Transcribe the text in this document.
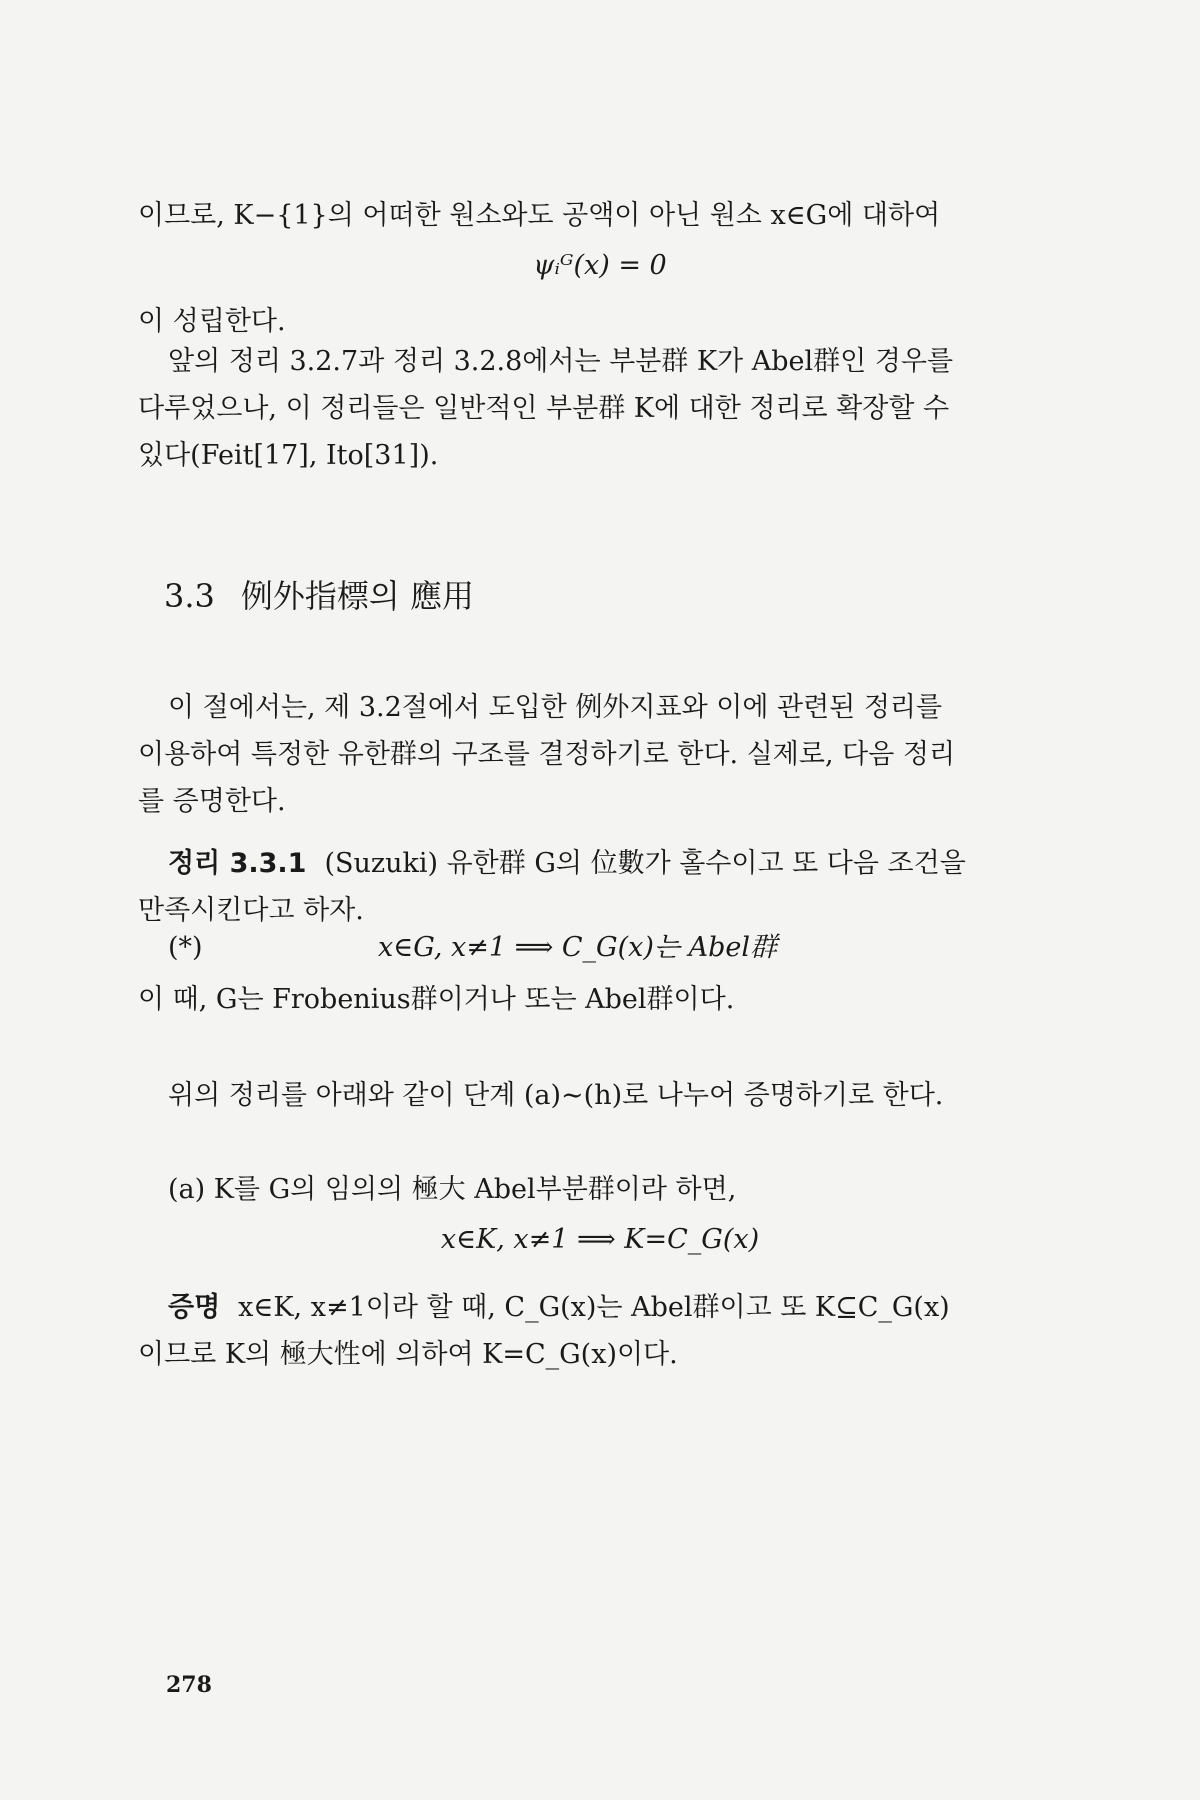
이므로, K−{1}의 어떠한 원소와도 공액이 아닌 원소 x∈G에 대하여

ψᵢᴳ(x) = 0

이 성립한다.

앞의 정리 3.2.7과 정리 3.2.8에서는 부분群 K가 Abel群인 경우를
다루었으나, 이 정리들은 일반적인 부분群 K에 대한 정리로 확장할 수
있다(Feit[17], Ito[31]).
3.3 例外指標의 應用
이 절에서는, 제 3.2절에서 도입한 例外지표와 이에 관련된 정리를
이용하여 특정한 유한群의 구조를 결정하기로 한다. 실제로, 다음 정리
를 증명한다.
정리 3.3.1 (Suzuki) 유한群 G의 位數가 홀수이고 또 다음 조건을
만족시킨다고 하자.

(*)	x∈G, x≠1 ⟹ C_G(x)는 Abel群

이 때, G는 Frobenius群이거나 또는 Abel群이다.

위의 정리를 아래와 같이 단계 (a)∼(h)로 나누어 증명하기로 한다.

(a) K를 G의 임의의 極大 Abel부분群이라 하면,

x∈K, x≠1 ⟹ K=C_G(x)

증명 x∈K, x≠1이라 할 때, C_G(x)는 Abel群이고 또 K⊆C_G(x)
이므로 K의 極大性에 의하여 K=C_G(x)이다.

278
